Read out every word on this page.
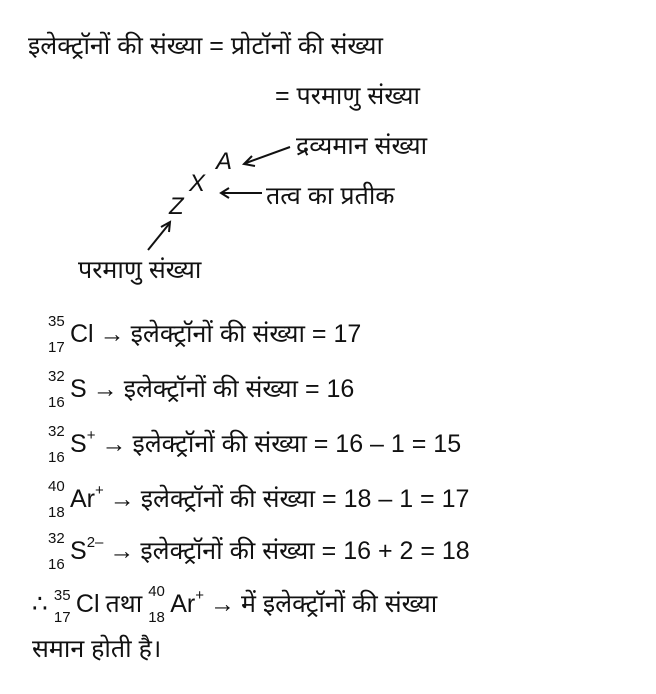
इलेक्ट्रॉनों की संख्या = प्रोटॉनों की संख्या
= परमाणु संख्या
द्रव्यमान संख्या
A
X
Z	तत्व का प्रतीक
परमाणु संख्या
35
17 Cl → इलेक्ट्रॉनों की संख्या = 17
32
16 S → इलेक्ट्रॉनों की संख्या = 16
32
16 S+ → इलेक्ट्रॉनों की संख्या = 16 – 1 = 15
40
18 Ar+ → इलेक्ट्रॉनों की संख्या = 18 – 1 = 17
32
16 $S^{2-}$ → इलेक्ट्रॉनों की संख्या = 16 + 2 = 18
∴ 35
17 Cl तथा 40
18 Ar+ → में इलेक्ट्रॉनों की संख्या
समान होती है।
